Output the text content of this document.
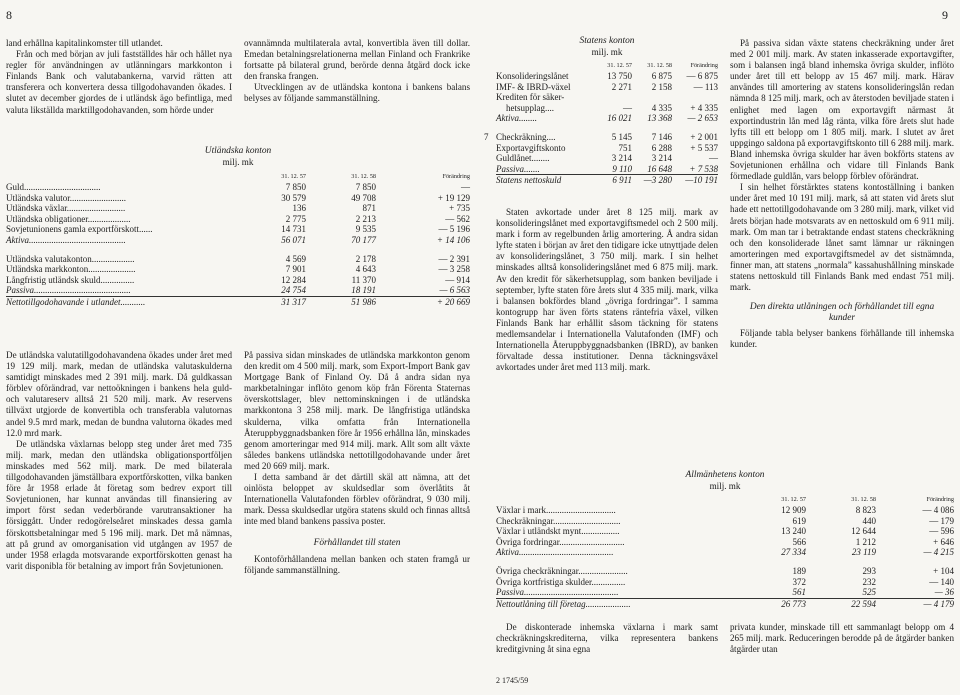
8	9

land erhållna kapitalinkomster till utlandet.

Från och med början av juli fastställdes här och hållet nya regler för användningen av utlänningars markkonton i Finlands Bank och valutabankerna, varvid rätten att transferera och konvertera dessa tillgodohavanden ökades. I slutet av december gjordes de i utländsk ägo befintliga, med valuta likställda marktillgodohavanden, som hörde under

ovannämnda multilaterala avtal, konvertibla även till dollar. Emedan betalningsrelationerna mellan Finland och Frankrike fortsatte på bilateral grund, berörde denna åtgärd dock icke den franska frangen.

Utvecklingen av de utländska kontona i bankens balans belyses av följande sammanställning.

Utländska konton
milj. mk
	31. 12. 57	31. 12. 58	Förändring
Guld..................................	7 850	7 850	—
Utländska valutor.........................	30 579	49 708	+ 19 129
Utländska växlar..........................	136	871	+ 735
Utländska obligationer...................	2 775	2 213	— 562
Sovjetunionens gamla exportförskott......	14 731	9 535	— 5 196
Aktiva...........................................	56 071	70 177	+ 14 106

Utländska valutakonton...................	4 569	2 178	— 2 391
Utländska markkonton.....................	7 901	4 643	— 3 258
Långfristig utländsk skuld...............	12 284	11 370	— 914
Passiva...........................................	24 754	18 191	— 6 563
Nettotillgodohavande i utlandet...........	31 317	51 986	+ 20 669

De utländska valutatillgodohavandena ökades under året med 19 129 milj. mark, medan de utländska valutaskulderna samtidigt minskades med 2 391 milj. mark. Då guldkassan förblev oförändrad, var nettoökningen i bankens hela guld- och valutareserv alltså 21 520 milj. mark. Av reservens tillväxt utgjorde de konvertibla och transferabla valutornas andel 9.5 mrd mark, medan de bundna valutorna ökades med 12.0 mrd mark.

De utländska växlarnas belopp steg under året med 735 milj. mark, medan den utländska obligationsportföljen minskades med 562 milj. mark. De med bilaterala tillgodohavanden jämställbara exportförskotten, vilka banken före år 1958 erlade åt företag som bedrev export till Sovjetunionen, har kunnat användas till finansiering av import först sedan vederbörande varutransaktioner ha försiggått. Under redogörelseåret minskades dessa gamla förskottsbetalningar med 5 196 milj. mark. Det må nämnas, att på grund av omorganisation vid utgången av 1957 de under 1958 erlagda motsvarande exportförskotten genast ha varit disponibla för betalning av import från Sovjetunionen.

På passiva sidan minskades de utländska markkonton genom den kredit om 4 500 milj. mark, som Export-Import Bank gav Mortgage Bank of Finland Oy. Då å andra sidan nya markbetalningar inflöto genom köp från Förenta Staternas överskottslager, blev nettominskningen i de utländska markkontona 3 258 milj. mark. De långfristiga utländska skulderna, vilka omfatta från Internationella Återuppbyggnadsbanken före år 1956 erhållna lån, minskades genom amorteringar med 914 milj. mark. Allt som allt växte således bankens utländska nettotillgodohavande under året med 20 669 milj. mark.

I detta samband är det därtill skäl att nämna, att det oinlösta beloppet av skuldsedlar som överlåtits åt Internationella Valutafonden förblev oförändrat, 9 030 milj. mark. Dessa skuldsedlar utgöra statens skuld och finnas alltså inte med bland bankens passiva poster.

Förhållandet till staten

Kontoförhållandena mellan banken och staten framgå ur följande sammanställning.

7
Statens konton
milj. mk
	31. 12. 57	31. 12. 58	Förändring
Konsolideringslånet	13 750	6 875	— 6 875
IMF- & IBRD-växel	2 271	2 158	— 113
Krediten för säker-			
hetsupplag....	—	4 335	+ 4 335
Aktiva........	16 021	13 368	— 2 653

Checkräkning....	5 145	7 146	+ 2 001
Exportavgiftskonto	751	6 288	+ 5 537
Guldlånet........	3 214	3 214	—
Passiva.......	9 110	16 648	+ 7 538
Statens nettoskuld	6 911	—3 280	—10 191

Staten avkortade under året 8 125 milj. mark av konsolideringslånet med exportavgiftsmedel och 2 500 milj. mark i form av regelbunden årlig amortering. Å andra sidan lyfte staten i början av året den tidigare icke utnyttjade delen av konsolideringslånet, 3 750 milj. mark. I sin helhet minskades alltså konsolideringslånet med 6 875 milj. mark. Av den kredit för säkerhetsupplag, som banken beviljade i september, lyfte staten före årets slut 4 335 milj. mark, vilka i balansen bokfördes bland „övriga fordringar”. I samma kontogrupp har även förts statens räntefria växel, vilken Finlands Bank har erhållit såsom täckning för statens medlemsandelar i Internationella Valutafonden (IMF) och Internationella Återuppbyggnadsbanken (IBRD), av banken förvaltade dessa institutioner. Denna täckningsväxel avkortades under året med 113 milj. mark.

På passiva sidan växte statens checkräkning under året med 2 001 milj. mark. Av staten inkasserade exportavgifter, som i balansen ingå bland inhemska övriga skulder, inflöto under året till ett belopp av 15 467 milj. mark. Härav användes till amortering av statens konsolideringslån redan nämnda 8 125 milj. mark, och av återstoden beviljade staten i enlighet med lagen om exportavgift närmast åt exportindustrin lån med låg ränta, vilka före årets slut hade lyfts till ett belopp om 1 805 milj. mark. I slutet av året uppgingo saldona på exportavgiftskonto till 6 288 milj. mark. Bland inhemska övriga skulder har även bokförts statens av Sovjetunionen erhållna och vidare till Finlands Bank förmedlade guldlån, vars belopp förblev oförändrat.

I sin helhet förstärktes statens kontoställning i banken under året med 10 191 milj. mark, så att staten vid årets slut hade ett nettotillgodohavande om 3 280 milj. mark, vilket vid årets början hade motsvarats av en nettoskuld om 6 911 milj. mark. Om man tar i betraktande endast statens checkräkning och den konsoliderade lånet samt lämnar ur räkningen amorteringen med exportavgiftsmedel av det sistnämnda, finner man, att statens „normala” kassahushållning minskade statens nettoskuld till Finlands Bank med endast 751 milj. mark.

Den direkta utlåningen och förhållandet till egna kunder

Följande tabla belyser bankens förhållande till inhemska kunder.

Allmänhetens konton
milj. mk
	31. 12. 57	31. 12. 58	Förändring
Växlar i mark...............................	12 909	8 823	— 4 086
Checkräkningar..............................	619	440	— 179
Växlar i utländskt mynt.................	13 240	12 644	— 596
Övriga fordringar.............................	566	1 212	+ 646
Aktiva..........................................	27 334	23 119	— 4 215

Övriga checkräkningar......................	189	293	+ 104
Övriga kortfristiga skulder...............	372	232	— 140
Passiva..........................................	561	525	— 36
Nettoutlåning till företag....................	26 773	22 594	— 4 179

De diskonterade inhemska växlarna i mark samt checkräkningskrediterna, vilka representera bankens kreditgivning åt sina egna

privata kunder, minskade till ett sammanlagt belopp om 4 265 milj. mark. Reduceringen berodde på de åtgärder banken åtgärder utan

2 1745/59
